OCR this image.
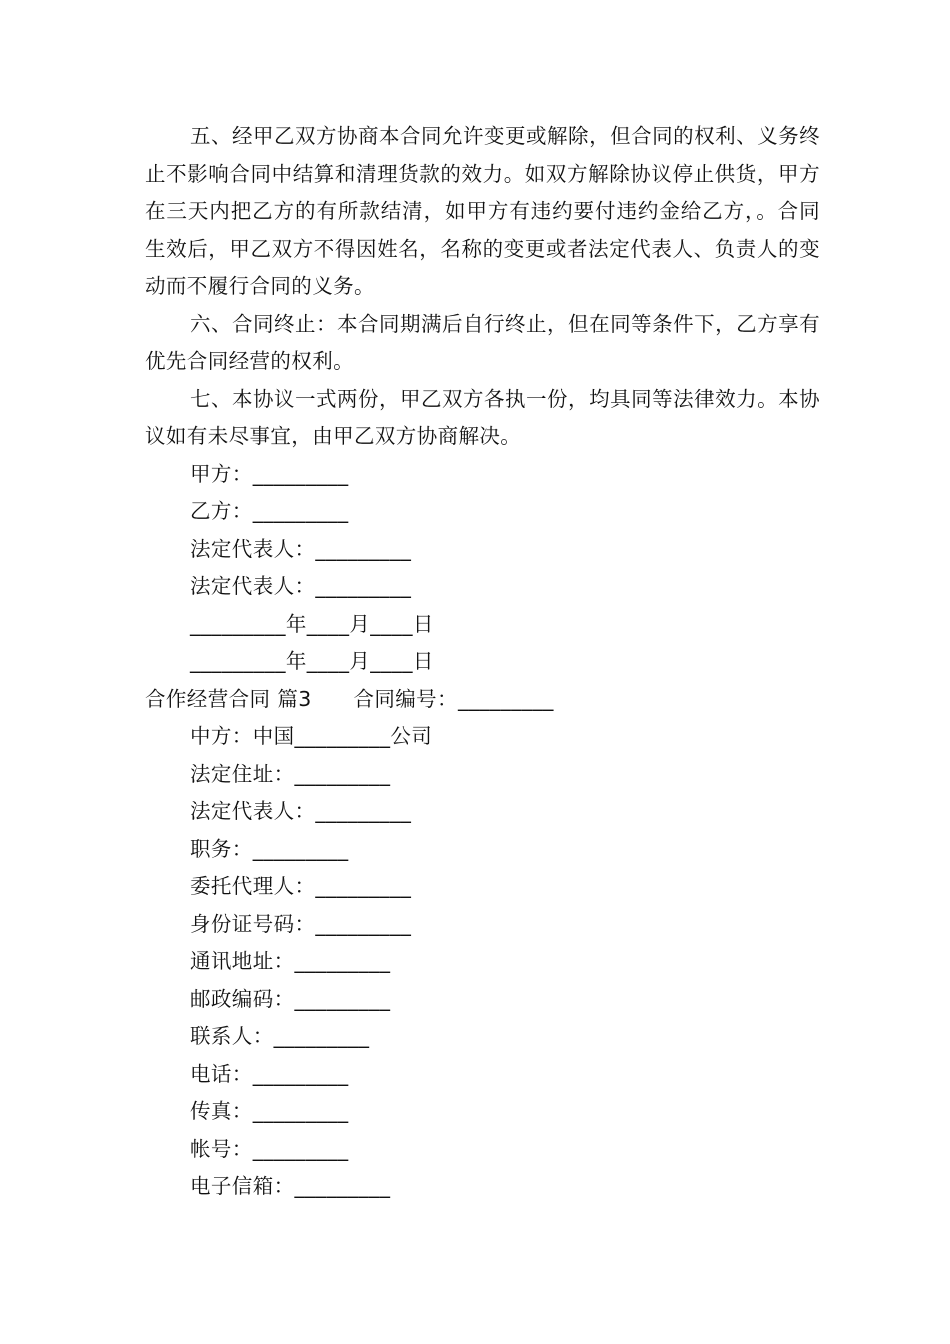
五、经甲乙双方协商本合同允许变更或解除，但合同的权利、义务终止不影响合同中结算和清理货款的效力。如双方解除协议停止供货，甲方在三天内把乙方的有所款结清，如甲方有违约要付违约金给乙方，。合同生效后，甲乙双方不得因姓名，名称的变更或者法定代表人、负责人的变动而不履行合同的义务。

六、合同终止：本合同期满后自行终止，但在同等条件下，乙方享有优先合同经营的权利。

七、本协议一式两份，甲乙双方各执一份，均具同等法律效力。本协议如有未尽事宜，由甲乙双方协商解决。

甲方：_________

乙方：_________

法定代表人：_________

法定代表人：_________

_________年____月____日

_________年____月____日

合作经营合同 篇3　　合同编号：_________

中方：中国_________公司

法定住址：_________

法定代表人：_________

职务：_________

委托代理人：_________

身份证号码：_________

通讯地址：_________

邮政编码：_________

联系人：_________

电话：_________

传真：_________

帐号：_________

电子信箱：_________
